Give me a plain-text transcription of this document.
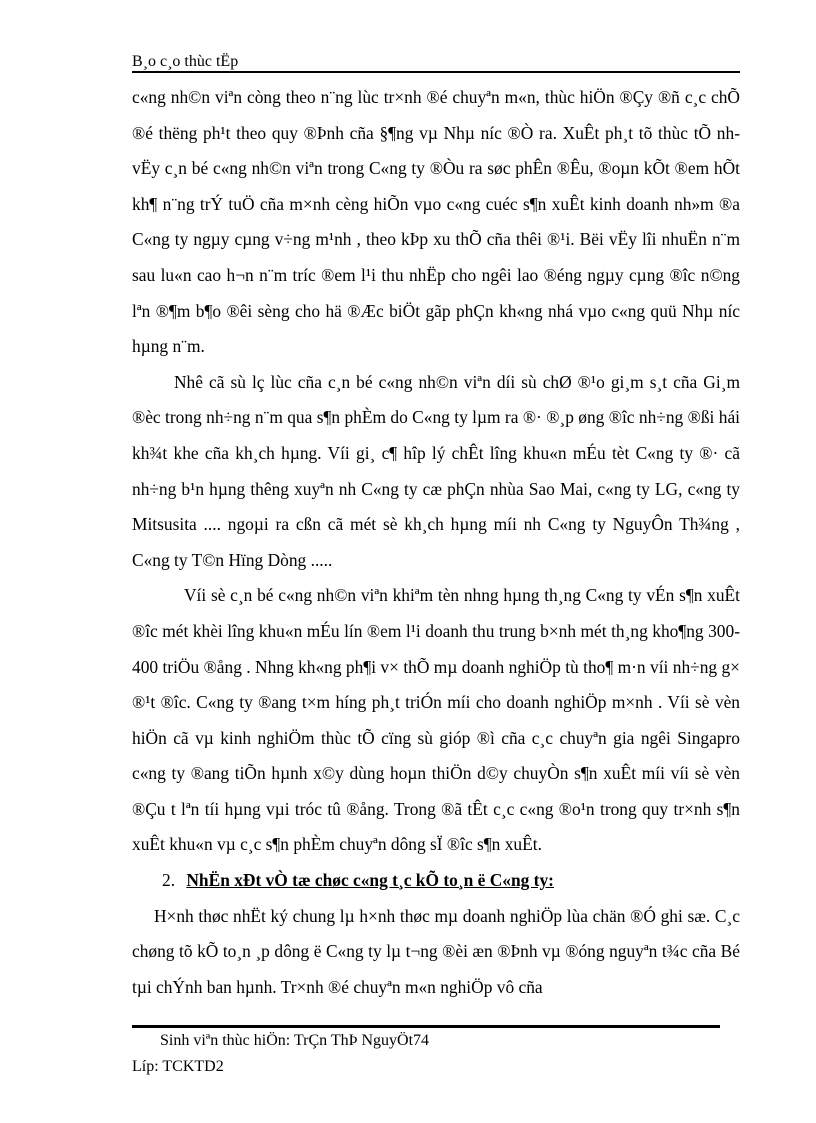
B¸o c¸o thùc tËp

c«ng nh©n viªn còng theo n¨ng lùc tr×nh ®é chuyªn m«n, thùc hiÖn ®Çy ®ñ c¸c chÕ ®é thëng ph¹t theo quy ®Þnh cña §¶ng vµ Nhµ níc ®Ò ra. XuÊt ph¸t tõ thùc tÕ nh vËy c¸n bé c«ng nh©n viªn trong C«ng ty ®Òu ra søc phÊn ®Êu, ®oµn kÕt ®em hÕt kh¶ n¨ng trÝ tuÖ cña m×nh cèng hiÕn vµo c«ng cuéc s¶n xuÊt kinh doanh nh»m ®a C«ng ty ngµy cµng v÷ng m¹nh , theo kÞp xu thÕ cña thêi ®¹i. Bëi vËy lîi nhuËn n¨m sau lu«n cao h¬n n¨m tríc ®em l¹i thu nhËp cho ngêi lao ®éng ngµy cµng ®îc n©ng lªn ®¶m b¶o ®êi sèng cho hä ®Æc biÖt gãp phÇn kh«ng nhá vµo c«ng quü Nhµ níc hµng n¨m.

Nhê cã sù lç lùc cña c¸n bé c«ng nh©n viªn díi sù chØ ®¹o gi¸m s¸t cña Gi¸m ®èc trong nh÷ng n¨m qua s¶n phÈm do C«ng ty lµm ra ®· ®¸p øng ®îc nh÷ng ®ßi hái kh¾t khe cña kh¸ch hµng. Víi gi¸ c¶ hîp lý chÊt lîng khu«n mÉu tèt C«ng ty ®· cã nh÷ng b¹n hµng thêng xuyªn nh C«ng ty cæ phÇn nhùa Sao Mai, c«ng ty LG, c«ng ty Mitsusita .... ngoµi ra cßn cã mét sè kh¸ch hµng míi nh C«ng ty NguyÔn Th¾ng , C«ng ty T©n Hïng Dòng .....

Víi sè c¸n bé c«ng nh©n viªn khiªm tèn nhng hµng th¸ng C«ng ty vÉn s¶n xuÊt ®îc mét khèi lîng khu«n mÉu lín ®em l¹i doanh thu trung b×nh mét th¸ng kho¶ng 300-400 triÖu ®ång . Nhng kh«ng ph¶i v× thÕ mµ doanh nghiÖp tù tho¶ m·n víi nh÷ng g× ®¹t ®îc. C«ng ty ®ang t×m híng ph¸t triÓn míi cho doanh nghiÖp m×nh . Víi sè vèn hiÖn cã vµ kinh nghiÖm thùc tÕ cïng sù gióp ®ì cña c¸c chuyªn gia ngêi Singapro c«ng ty ®ang tiÕn hµnh x©y dùng hoµn thiÖn d©y chuyÒn s¶n xuÊt míi víi sè vèn ®Çu t lªn tíi hµng vµi tróc tû ®ång. Trong ®ã tÊt c¸c c«ng ®o¹n trong quy tr×nh s¶n xuÊt khu«n vµ c¸c s¶n phÈm chuyªn dông sÏ ®îc s¶n xuÊt.

2. NhËn xÐt vÒ tæ chøc c«ng t¸c kÕ to¸n ë C«ng ty:

H×nh thøc nhËt ký chung lµ h×nh thøc mµ doanh nghiÖp lùa chän ®Ó ghi sæ. C¸c chøng tõ kÕ to¸n ¸p dông ë C«ng ty lµ t¬ng ®èi æn ®Þnh vµ ®óng nguyªn t¾c cña Bé tµi chÝnh ban hµnh. Tr×nh ®é chuyªn m«n nghiÖp vô cña

Sinh viªn thùc hiÖn: TrÇn ThÞ NguyÖt74
Líp: TCKTD2
